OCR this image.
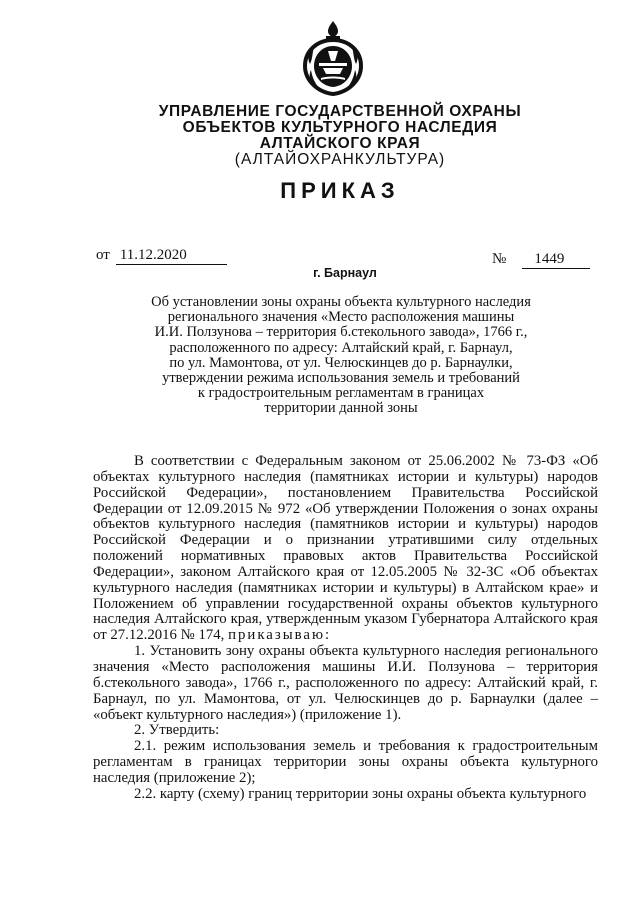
УПРАВЛЕНИЕ ГОСУДАРСТВЕННОЙ ОХРАНЫ
ОБЪЕКТОВ КУЛЬТУРНОГО НАСЛЕДИЯ
АЛТАЙСКОГО КРАЯ
(АЛТАЙОХРАНКУЛЬТУРА)
ПРИКАЗ
от 11.12.2020	№ 1449
г. Барнаул
Об установлении зоны охраны объекта культурного наследия
регионального значения «Место расположения машины
И.И. Ползунова – территория б.стекольного завода», 1766 г.,
расположенного по адресу: Алтайский край, г. Барнаул,
по ул. Мамонтова, от ул. Челюскинцев до р. Барнаулки,
утверждении режима использования земель и требований
к градостроительным регламентам в границах
территории данной зоны

В соответствии с Федеральным законом от 25.06.2002 № 73-ФЗ «Об объектах культурного наследия (памятниках истории и культуры) народов Российской Федерации», постановлением Правительства Российской Федерации от 12.09.2015 № 972 «Об утверждении Положения о зонах охраны объектов культурного наследия (памятников истории и культуры) народов Российской Федерации и о признании утратившими силу отдельных положений нормативных правовых актов Правительства Российской Федерации», законом Алтайского края от 12.05.2005 № 32-ЗС «Об объектах культурного наследия (памятниках истории и культуры) в Алтайском крае» и Положением об управлении государственной охраны объектов культурного наследия Алтайского края, утвержденным указом Губернатора Алтайского края от 27.12.2016 № 174, приказываю:

1. Установить зону охраны объекта культурного наследия регионального значения «Место расположения машины И.И. Ползунова – территория б.стекольного завода», 1766 г., расположенного по адресу: Алтайский край, г. Барнаул, по ул. Мамонтова, от ул. Челюскинцев до р. Барнаулки (далее – «объект культурного наследия») (приложение 1).

2. Утвердить:

2.1. режим использования земель и требования к градостроительным регламентам в границах территории зоны охраны объекта культурного наследия (приложение 2);

2.2. карту (схему) границ территории зоны охраны объекта культурного
